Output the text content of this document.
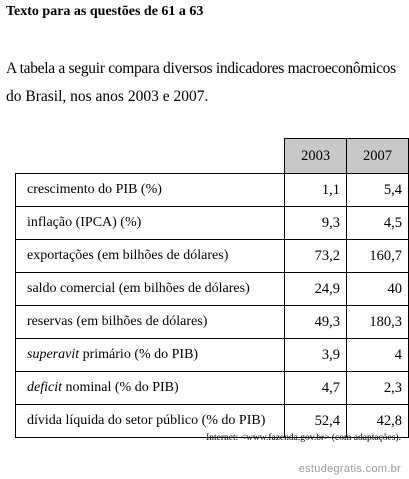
Texto para as questões de 61 a 63
A tabela a seguir compara diversos indicadores macroeconômicos
do Brasil, nos anos 2003 e 2007.
	2003	2007
crescimento do PIB (%)	1,1	5,4
inflação (IPCA) (%)	9,3	4,5
exportações (em bilhões de dólares)	73,2	160,7
saldo comercial (em bilhões de dólares)	24,9	40
reservas (em bilhões de dólares)	49,3	180,3
superavit primário (% do PIB)	3,9	4
deficit nominal (% do PIB)	4,7	2,3
dívida líquida do setor público (% do PIB)	52,4	42,8
Internet: <www.fazenda.gov.br> (com adaptações).
estudegratis.com.br
